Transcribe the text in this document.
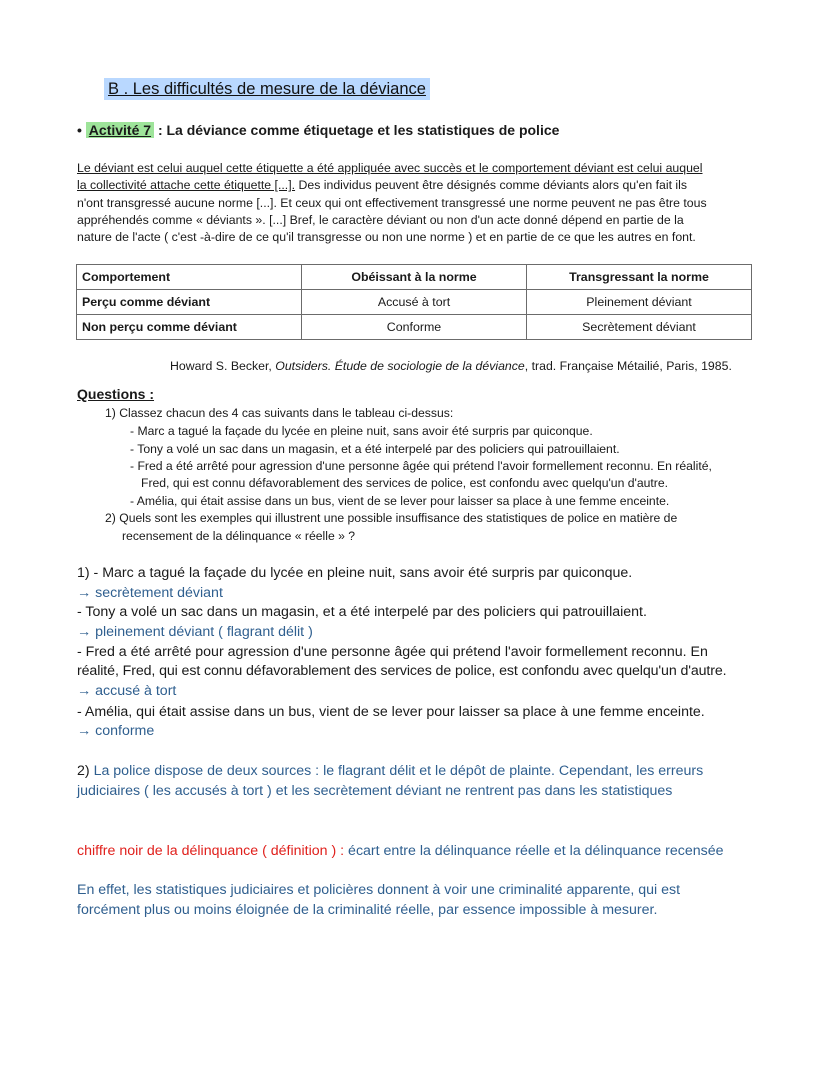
B . Les difficultés de mesure de la déviance
• Activité 7 : La déviance comme étiquetage et les statistiques de police
Le déviant est celui auquel cette étiquette a été appliquée avec succès et le comportement déviant est celui auquel
la collectivité attache cette étiquette [...]. Des individus peuvent être désignés comme déviants alors qu'en fait ils
n'ont transgressé aucune norme [...]. Et ceux qui ont effectivement transgressé une norme peuvent ne pas être tous
appréhendés comme « déviants ». [...] Bref, le caractère déviant ou non d'un acte donné dépend en partie de la
nature de l'acte ( c'est -à-dire de ce qu'il transgresse ou non une norme ) et en partie de ce que les autres en font.
Comportement	Obéissant à la norme	Transgressant la norme
Perçu comme déviant	Accusé à tort	Pleinement déviant
Non perçu comme déviant	Conforme	Secrètement déviant
Howard S. Becker, Outsiders. Étude de sociologie de la déviance, trad. Française Métailié, Paris, 1985.
Questions :
1) Classez chacun des 4 cas suivants dans le tableau ci-dessus:
- Marc a tagué la façade du lycée en pleine nuit, sans avoir été surpris par quiconque.
- Tony a volé un sac dans un magasin, et a été interpelé par des policiers qui patrouillaient.
- Fred a été arrêté pour agression d'une personne âgée qui prétend l'avoir formellement reconnu. En réalité,
Fred, qui est connu défavorablement des services de police, est confondu avec quelqu'un d'autre.
- Amélia, qui était assise dans un bus, vient de se lever pour laisser sa place à une femme enceinte.
2) Quels sont les exemples qui illustrent une possible insuffisance des statistiques de police en matière de
recensement de la délinquance « réelle » ?
1) - Marc a tagué la façade du lycée en pleine nuit, sans avoir été surpris par quiconque.
→ secrètement déviant
- Tony a volé un sac dans un magasin, et a été interpelé par des policiers qui patrouillaient.
→ pleinement déviant ( flagrant délit )
- Fred a été arrêté pour agression d'une personne âgée qui prétend l'avoir formellement reconnu. En
réalité, Fred, qui est connu défavorablement des services de police, est confondu avec quelqu'un d'autre.
→ accusé à tort
- Amélia, qui était assise dans un bus, vient de se lever pour laisser sa place à une femme enceinte.
→ conforme
2) La police dispose de deux sources : le flagrant délit et le dépôt de plainte. Cependant, les erreurs
judiciaires ( les accusés à tort ) et les secrètement déviant ne rentrent pas dans les statistiques
chiffre noir de la délinquance ( définition ) : écart entre la délinquance réelle et la délinquance recensée
En effet, les statistiques judiciaires et policières donnent à voir une criminalité apparente, qui est
forcément plus ou moins éloignée de la criminalité réelle, par essence impossible à mesurer.
